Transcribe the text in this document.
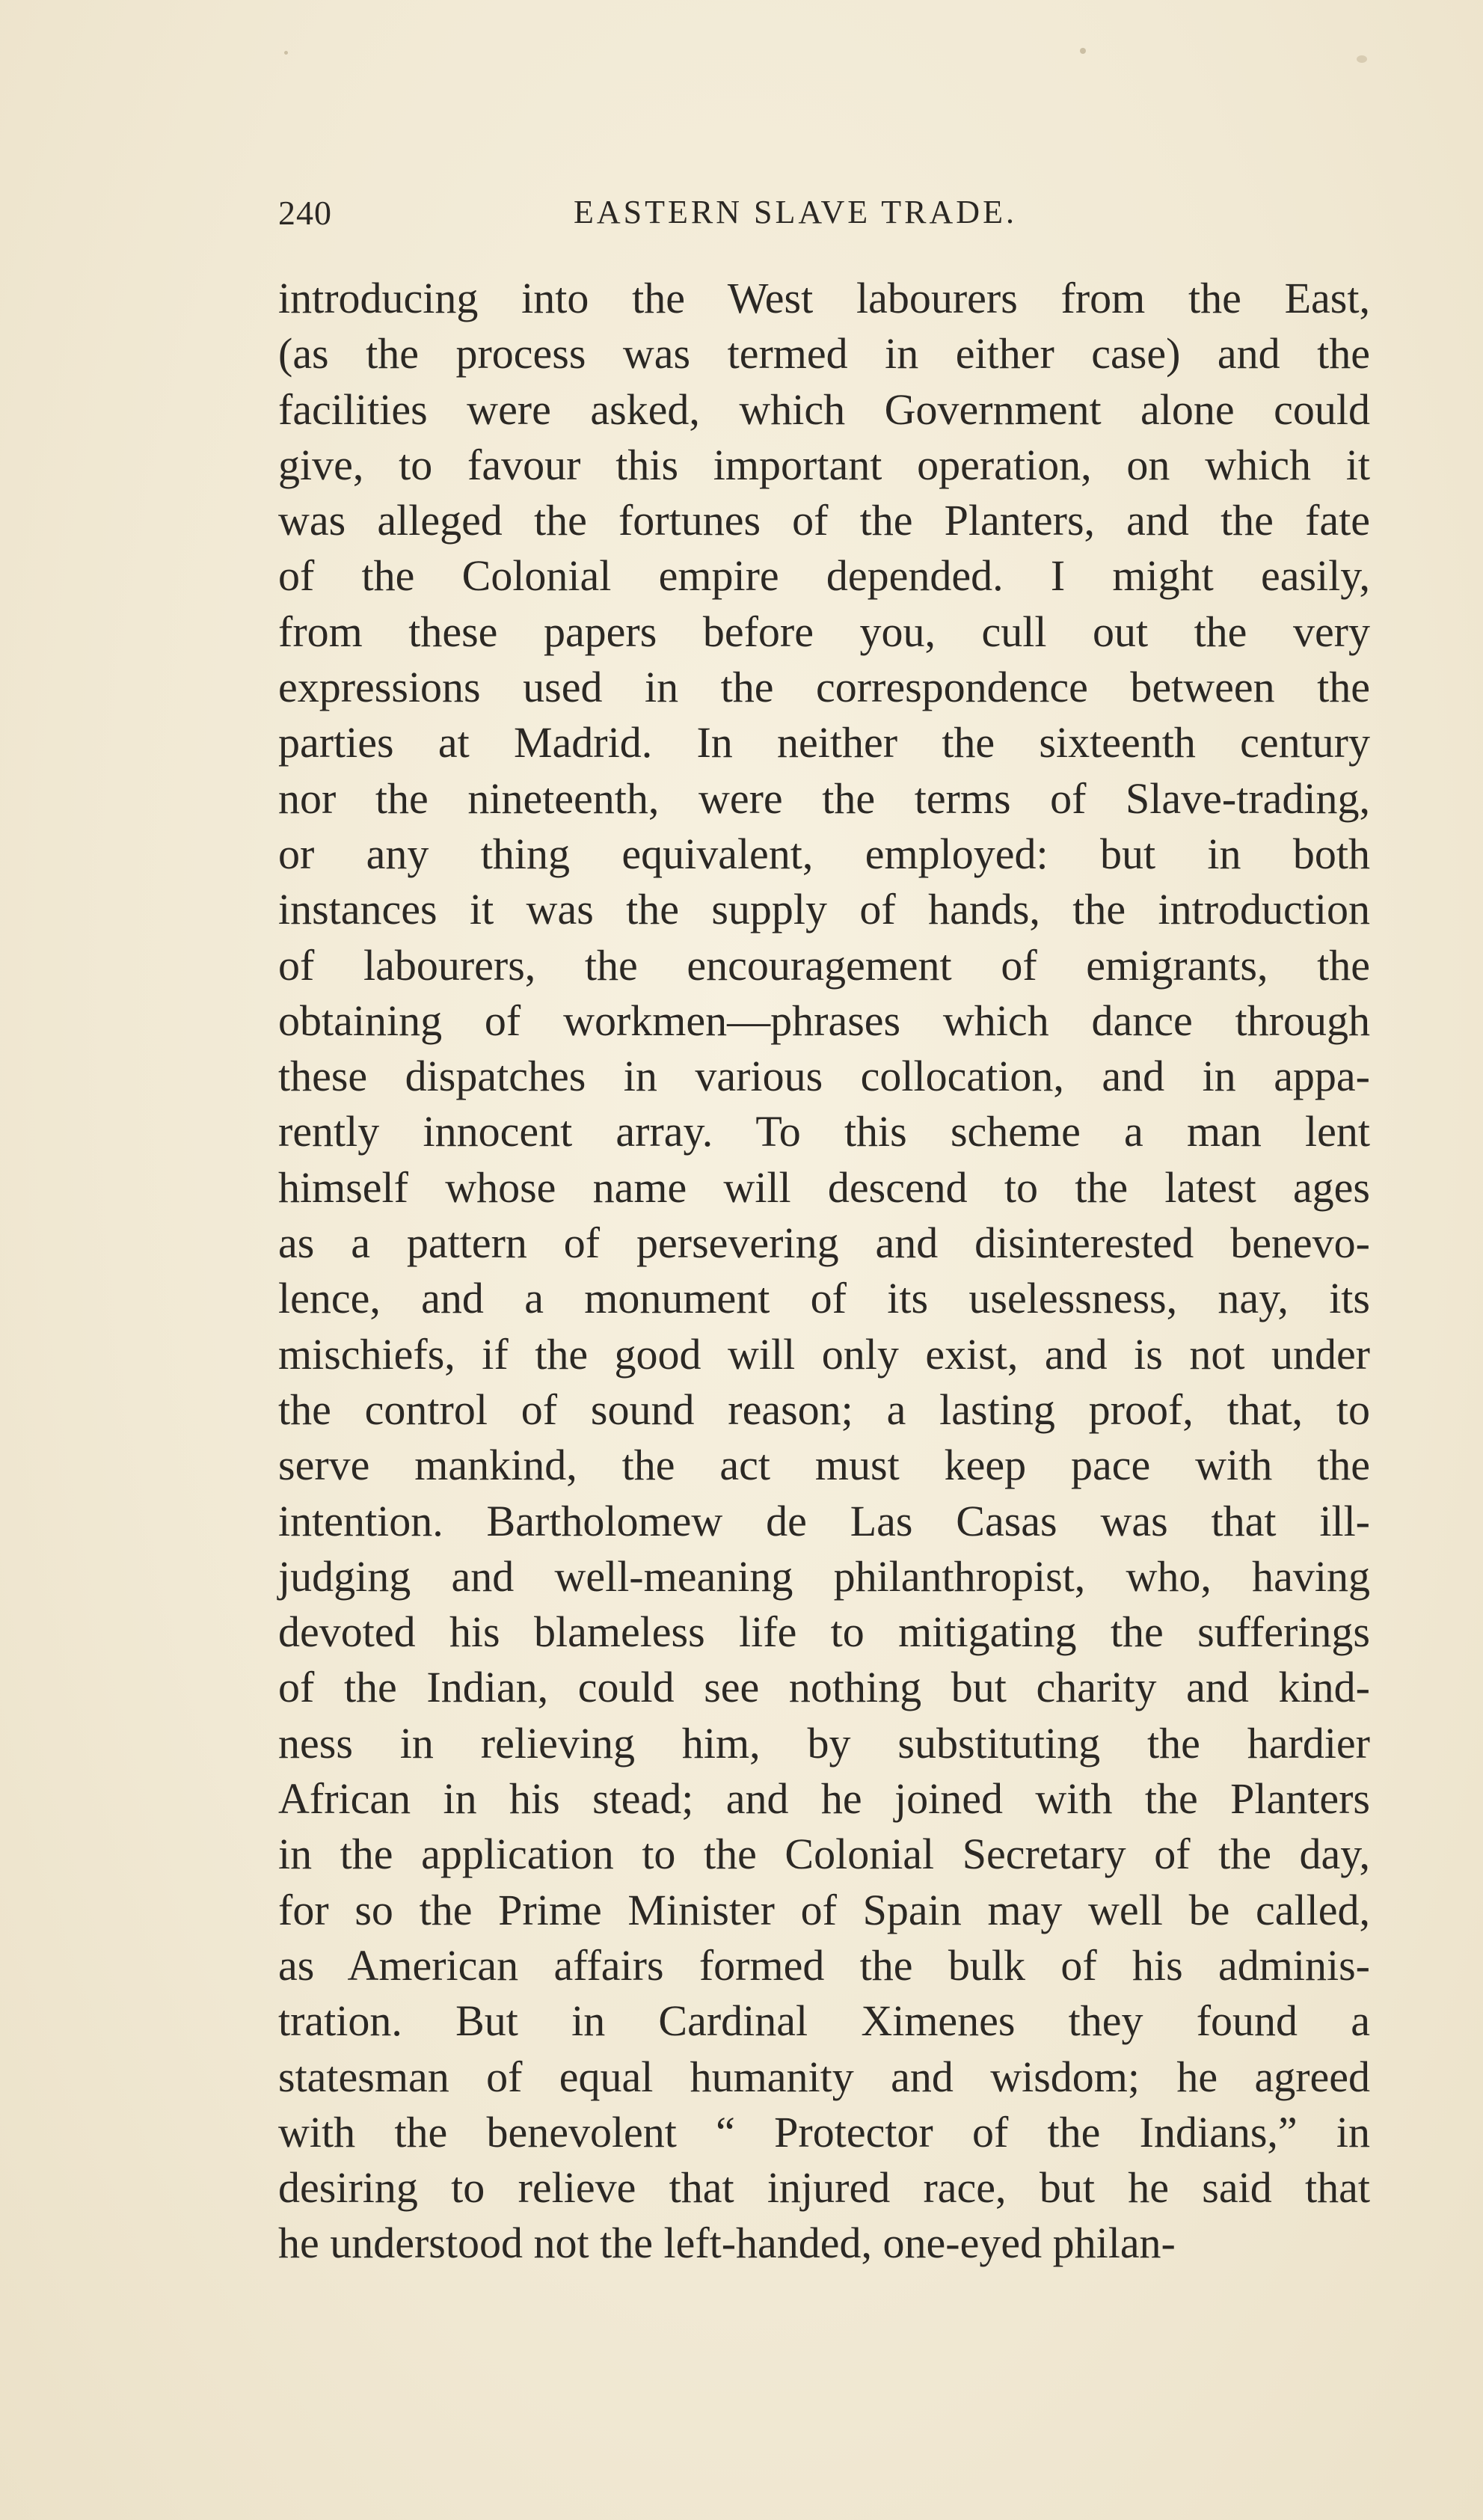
240	EASTERN SLAVE TRADE.
introducing into the West labourers from the East,
(as the process was termed in either case) and the
facilities were asked, which Government alone could
give, to favour this important operation, on which it
was alleged the fortunes of the Planters, and the fate
of the Colonial empire depended. I might easily,
from these papers before you, cull out the very
expressions used in the correspondence between the
parties at Madrid. In neither the sixteenth century
nor the nineteenth, were the terms of Slave-trading,
or any thing equivalent, employed: but in both
instances it was the supply of hands, the introduction
of labourers, the encouragement of emigrants, the
obtaining of workmen—phrases which dance through
these dispatches in various collocation, and in appa-
rently innocent array. To this scheme a man lent
himself whose name will descend to the latest ages
as a pattern of persevering and disinterested benevo-
lence, and a monument of its uselessness, nay, its
mischiefs, if the good will only exist, and is not under
the control of sound reason; a lasting proof, that, to
serve mankind, the act must keep pace with the
intention. Bartholomew de Las Casas was that ill-
judging and well-meaning philanthropist, who, having
devoted his blameless life to mitigating the sufferings
of the Indian, could see nothing but charity and kind-
ness in relieving him, by substituting the hardier
African in his stead; and he joined with the Planters
in the application to the Colonial Secretary of the day,
for so the Prime Minister of Spain may well be called,
as American affairs formed the bulk of his adminis-
tration. But in Cardinal Ximenes they found a
statesman of equal humanity and wisdom; he agreed
with the benevolent “ Protector of the Indians,” in
desiring to relieve that injured race, but he said that
he understood not the left-handed, one-eyed philan-
